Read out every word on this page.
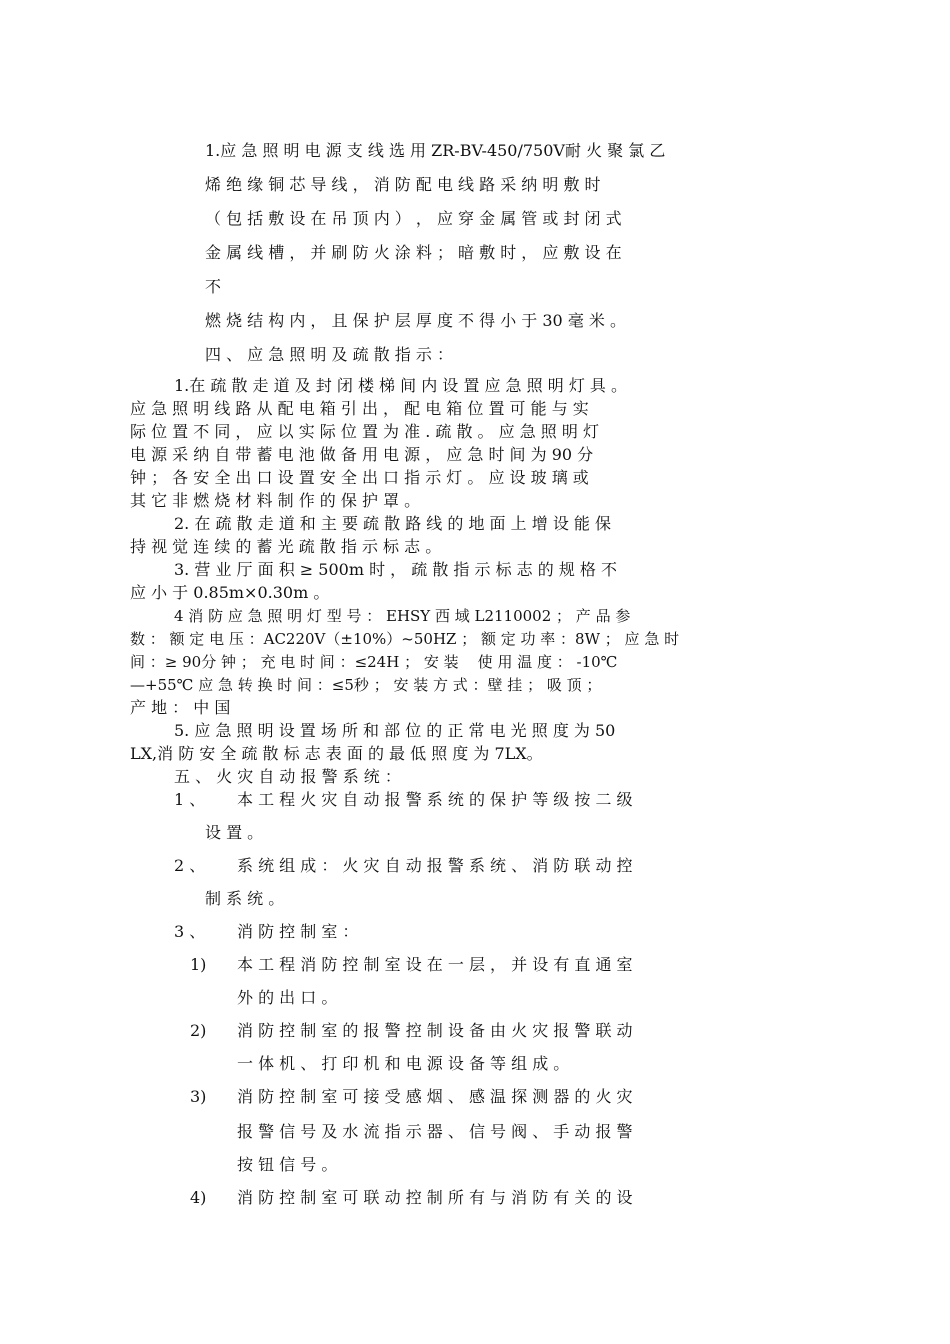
1.应 急 照 明 电 源 支 线 选 用 ZR-BV-450/750V耐 火 聚 氯 乙
烯 绝 缘 铜 芯 导 线 ， 消 防 配 电 线 路 采 纳 明 敷 时
（ 包 括 敷 设 在 吊 顶 内 ） ， 应 穿 金 属 管 或 封 闭 式
金 属 线 槽 ， 并 刷 防 火 涂 料 ； 暗 敷 时 ， 应 敷 设 在
不
燃 烧 结 构 内 ， 且 保 护 层 厚 度 不 得 小 于 30 毫 米 。
四 、 应 急 照 明 及 疏 散 指 示 ：
1.在 疏 散 走 道 及 封 闭 楼 梯 间 内 设 置 应 急 照 明 灯 具 。
应 急 照 明 线 路 从 配 电 箱 引 出 ， 配 电 箱 位 置 可 能 与 实
际 位 置 不 同 ， 应 以 实 际 位 置 为 准 . 疏 散 。 应 急 照 明 灯
电 源 采 纳 自 带 蓄 电 池 做 备 用 电 源 ， 应 急 时 间 为 90 分
钟 ； 各 安 全 出 口 设 置 安 全 出 口 指 示 灯 。 应 设 玻 璃 或
其 它 非 燃 烧 材 料 制 作 的 保 护 罩 。
2. 在 疏 散 走 道 和 主 要 疏 散 路 线 的 地 面 上 增 设 能 保
持 视 觉 连 续 的 蓄 光 疏 散 指 示 标 志 。
3. 营 业 厅 面 积 ≥ 500m 时 ， 疏 散 指 示 标 志 的 规 格 不
应 小 于 0.85m×0.30m 。
4 消 防 应 急 照 明 灯 型 号 ： EHSY 西 域 L2110002 ； 产 品 参
数 ： 额 定 电 压 ：AC220V（±10%）~50HZ ； 额 定 功 率 ：8W ； 应 急 时
间 ：≥ 90分 钟 ； 充 电 时 间 ：≤24H ； 安 装    使 用 温 度 ： -10℃
—+55℃ 应 急 转 换 时 间 ：≤5秒 ； 安 装 方 式 ：壁 挂 ； 吸 顶 ；
产 地 ： 中 国
5. 应 急 照 明 设 置 场 所 和 部 位 的 正 常 电 光 照 度 为 50
LX,消 防 安 全 疏 散 标 志 表 面 的 最 低 照 度 为 7LX。
五 、 火 灾 自 动 报 警 系 统 ：
1 、 本 工 程 火 灾 自 动 报 警 系 统 的 保 护 等 级 按 二 级
设 置 。
2 、 系 统 组 成 ： 火 灾 自 动 报 警 系 统 、 消 防 联 动 控
制 系 统 。
3 、 消 防 控 制 室 ：
1) 本 工 程 消 防 控 制 室 设 在 一 层 ， 并 设 有 直 通 室
外 的 出 口 。
2) 消 防 控 制 室 的 报 警 控 制 设 备 由 火 灾 报 警 联 动
一 体 机 、 打 印 机 和 电 源 设 备 等 组 成 。
3) 消 防 控 制 室 可 接 受 感 烟 、 感 温 探 测 器 的 火 灾
报 警 信 号 及 水 流 指 示 器 、 信 号 阀 、 手 动 报 警
按 钮 信 号 。
4) 消 防 控 制 室 可 联 动 控 制 所 有 与 消 防 有 关 的 设
